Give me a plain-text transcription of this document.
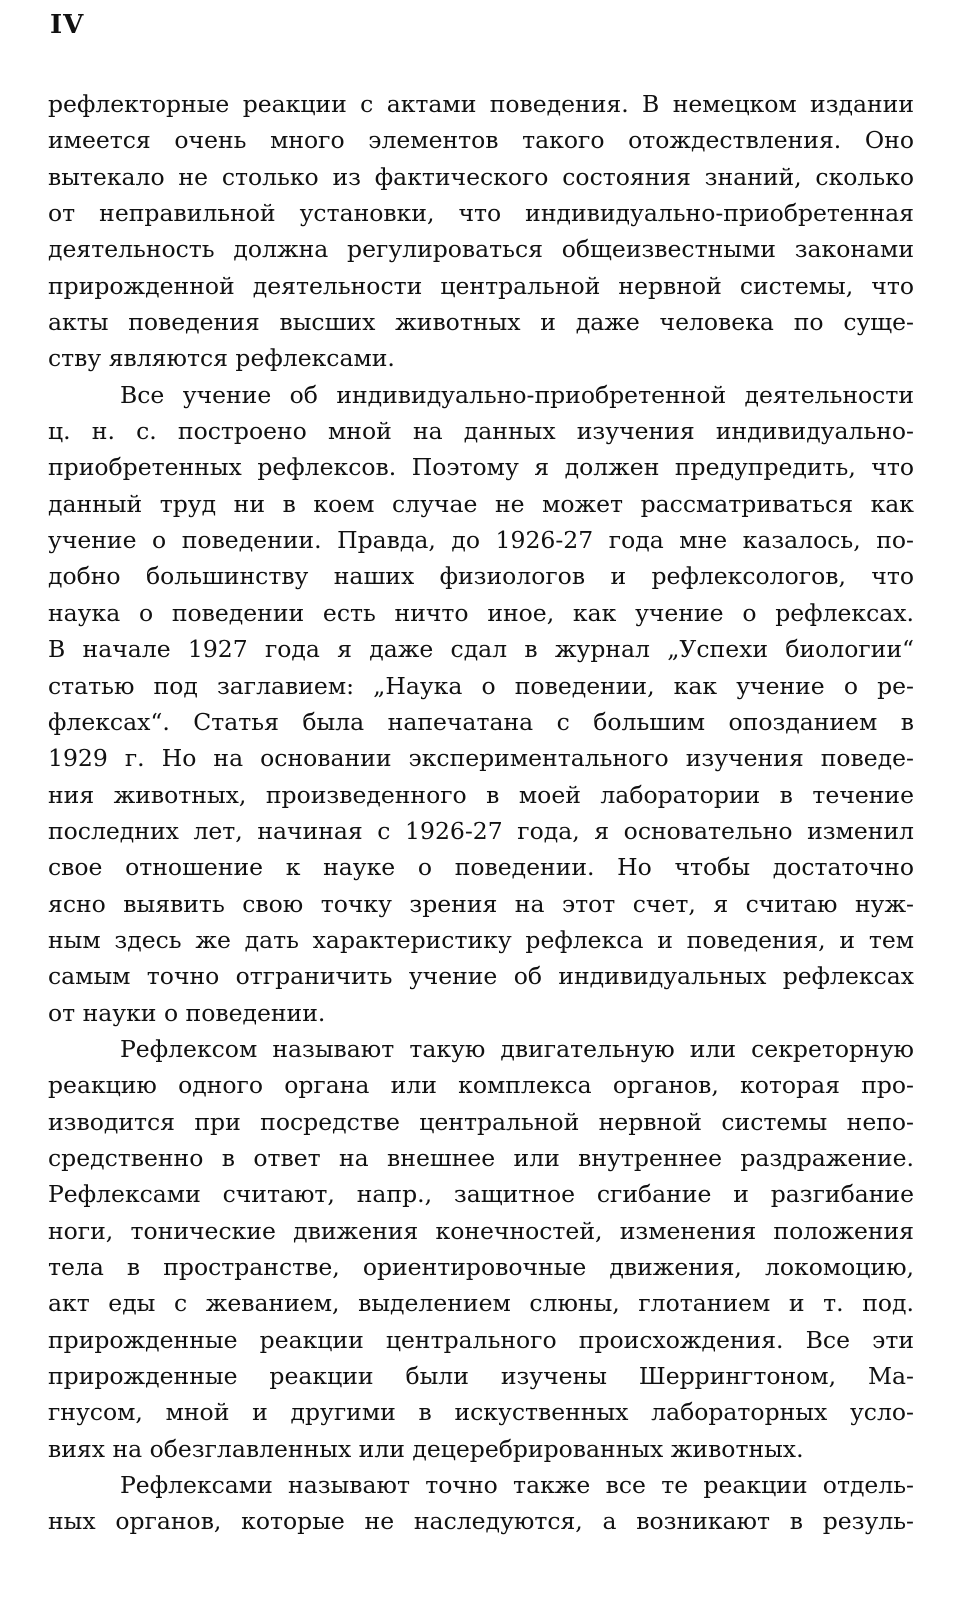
IV
рефлекторные реакции с актами поведения. В немецком издании
имеется очень много элементов такого отождествления. Оно
вытекало не столько из фактического состояния знаний, сколько
от неправильной установки, что индивидуально-приобретенная
деятельность должна регулироваться общеизвестными законами
прирожденной деятельности центральной нервной системы, что
акты поведения высших животных и даже человека по суще-
ству являются рефлексами.
Все учение об индивидуально-приобретенной деятельности
ц. н. с. построено мной на данных изучения индивидуально-
приобретенных рефлексов. Поэтому я должен предупредить, что
данный труд ни в коем случае не может рассматриваться как
учение о поведении. Правда, до 1926-27 года мне казалось, по-
добно большинству наших физиологов и рефлексологов, что
наука о поведении есть ничто иное, как учение о рефлексах.
В начале 1927 года я даже сдал в журнал „Успехи биологии“
статью под заглавием: „Наука о поведении, как учение о ре-
флексах“. Статья была напечатана с большим опозданием в
1929 г. Но на основании экспериментального изучения поведе-
ния животных, произведенного в моей лаборатории в течение
последних лет, начиная с 1926-27 года, я основательно изменил
свое отношение к науке о поведении. Но чтобы достаточно
ясно выявить свою точку зрения на этот счет, я считаю нуж-
ным здесь же дать характеристику рефлекса и поведения, и тем
самым точно отграничить учение об индивидуальных рефлексах
от науки о поведении.
Рефлексом называют такую двигательную или секреторную
реакцию одного органа или комплекса органов, которая про-
изводится при посредстве центральной нервной системы непо-
средственно в ответ на внешнее или внутреннее раздражение.
Рефлексами считают, напр., защитное сгибание и разгибание
ноги, тонические движения конечностей, изменения положения
тела в пространстве, ориентировочные движения, локомоцию,
акт еды с жеванием, выделением слюны, глотанием и т. под.
прирожденные реакции центрального происхождения. Все эти
прирожденные реакции были изучены Шеррингтоном, Ма-
гнусом, мной и другими в искуственных лабораторных усло-
виях на обезглавленных или децеребрированных животных.
Рефлексами называют точно также все те реакции отдель-
ных органов, которые не наследуются, а возникают в резуль-
